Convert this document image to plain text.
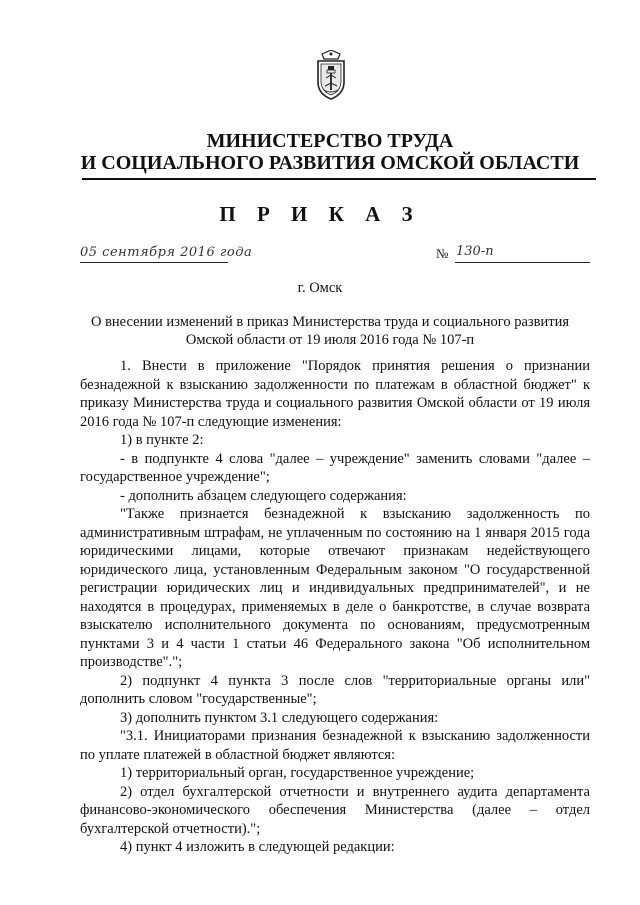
МИНИСТЕРСТВО ТРУДА
И СОЦИАЛЬНОГО РАЗВИТИЯ ОМСКОЙ ОБЛАСТИ
П Р И К А З
05 сентября 2016 года	№ 130-п
г. Омск
О внесении изменений в приказ Министерства труда и социального развития
Омской области от 19 июля 2016 года № 107-п

1. Внести в приложение "Порядок принятия решения о признании безнадежной к взысканию задолженности по платежам в областной бюджет" к приказу Министерства труда и социального развития Омской области от 19 июля 2016 года № 107-п следующие изменения:

1) в пункте 2:

- в подпункте 4 слова "далее – учреждение" заменить словами "далее – государственное учреждение";

- дополнить абзацем следующего содержания:

"Также признается безнадежной к взысканию задолженность по административным штрафам, не уплаченным по состоянию на 1 января 2015 года юридическими лицами, которые отвечают признакам недействующего юридического лица, установленным Федеральным законом "О государственной регистрации юридических лиц и индивидуальных предпринимателей", и не находятся в процедурах, применяемых в деле о банкротстве, в случае возврата взыскателю исполнительного документа по основаниям, предусмотренным пунктами 3 и 4 части 1 статьи 46 Федерального закона "Об исполнительном производстве".";

2) подпункт 4 пункта 3 после слов "территориальные органы или" дополнить словом "государственные";

3) дополнить пунктом 3.1 следующего содержания:

"3.1. Инициаторами признания безнадежной к взысканию задолженности по уплате платежей в областной бюджет являются:

1) территориальный орган, государственное учреждение;

2) отдел бухгалтерской отчетности и внутреннего аудита департамента финансово-экономического обеспечения Министерства (далее – отдел бухгалтерской отчетности).";

4) пункт 4 изложить в следующей редакции:
